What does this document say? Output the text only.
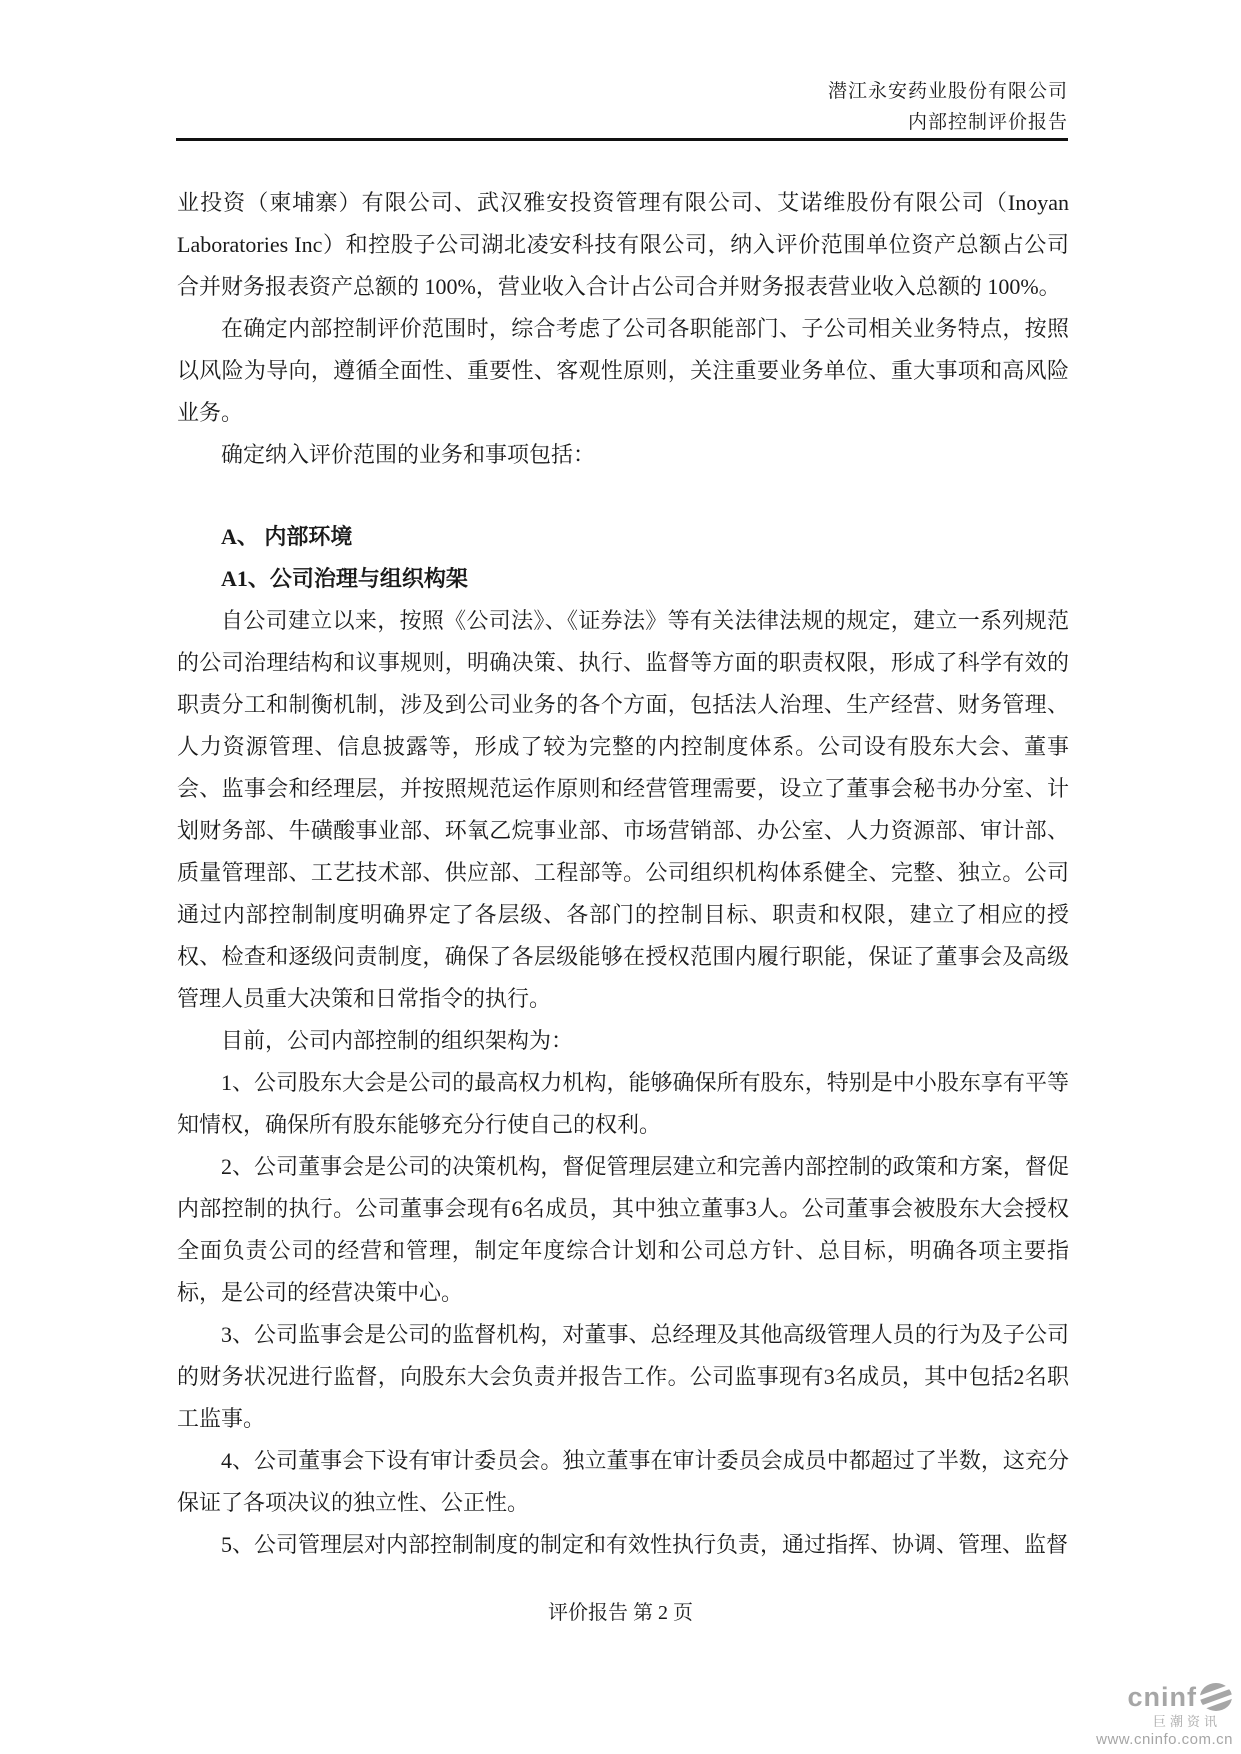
潜江永安药业股份有限公司
内部控制评价报告

业投资（柬埔寨）有限公司、武汉雅安投资管理有限公司、艾诺维股份有限公司（Inoyan Laboratories Inc）和控股子公司湖北凌安科技有限公司，纳入评价范围单位资产总额占公司合并财务报表资产总额的 100%，营业收入合计占公司合并财务报表营业收入总额的 100%。

在确定内部控制评价范围时，综合考虑了公司各职能部门、子公司相关业务特点，按照以风险为导向，遵循全面性、重要性、客观性原则，关注重要业务单位、重大事项和高风险业务。

确定纳入评价范围的业务和事项包括：

A、 内部环境

A1、公司治理与组织构架

自公司建立以来，按照《公司法》、《证券法》等有关法律法规的规定，建立一系列规范的公司治理结构和议事规则，明确决策、执行、监督等方面的职责权限，形成了科学有效的职责分工和制衡机制，涉及到公司业务的各个方面，包括法人治理、生产经营、财务管理、人力资源管理、信息披露等，形成了较为完整的内控制度体系。公司设有股东大会、董事会、监事会和经理层，并按照规范运作原则和经营管理需要，设立了董事会秘书办分室、计划财务部、牛磺酸事业部、环氧乙烷事业部、市场营销部、办公室、人力资源部、审计部、质量管理部、工艺技术部、供应部、工程部等。公司组织机构体系健全、完整、独立。公司通过内部控制制度明确界定了各层级、各部门的控制目标、职责和权限，建立了相应的授权、检查和逐级问责制度，确保了各层级能够在授权范围内履行职能，保证了董事会及高级管理人员重大决策和日常指令的执行。

目前，公司内部控制的组织架构为：

1、公司股东大会是公司的最高权力机构，能够确保所有股东，特别是中小股东享有平等知情权，确保所有股东能够充分行使自己的权利。

2、公司董事会是公司的决策机构，督促管理层建立和完善内部控制的政策和方案，督促内部控制的执行。公司董事会现有6名成员，其中独立董事3人。公司董事会被股东大会授权全面负责公司的经营和管理，制定年度综合计划和公司总方针、总目标，明确各项主要指标，是公司的经营决策中心。

3、公司监事会是公司的监督机构，对董事、总经理及其他高级管理人员的行为及子公司的财务状况进行监督，向股东大会负责并报告工作。公司监事现有3名成员，其中包括2名职工监事。

4、公司董事会下设有审计委员会。独立董事在审计委员会成员中都超过了半数，这充分保证了各项决议的独立性、公正性。

5、公司管理层对内部控制制度的制定和有效性执行负责，通过指挥、协调、管理、监督

评价报告 第 2 页
cninf
巨潮资讯
www.cninfo.com.cn
